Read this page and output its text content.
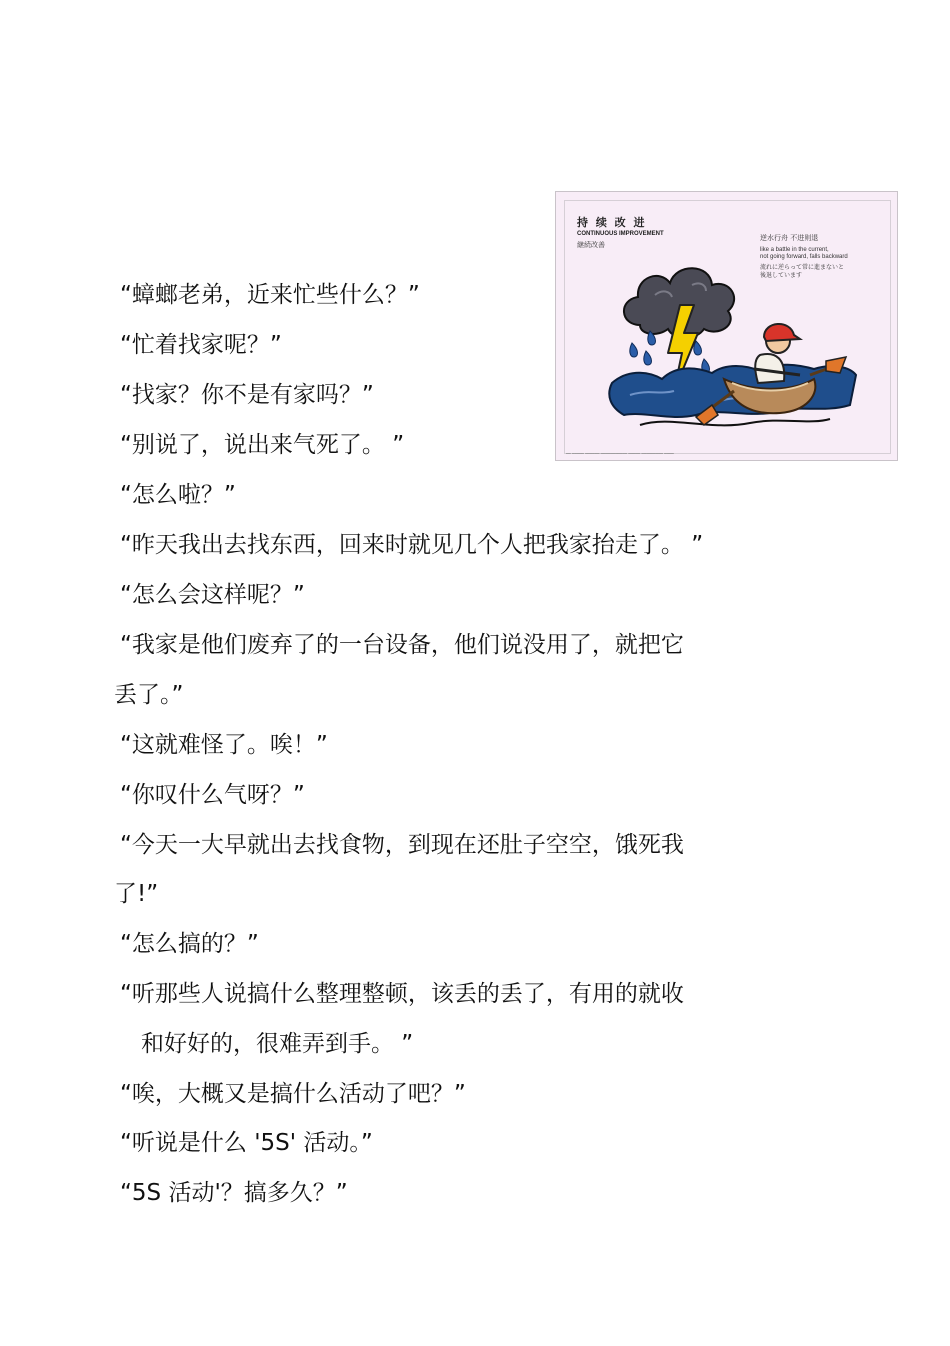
持 续 改 进
CONTINUOUS IMPROVEMENT
継続改善
逆水行舟 不进则退
like a battle in the current,
not going forward, falls backward
流れに逆らって常に進まないと
後退しています
━━ ━━━━━ ━━━━━━ ━━━━━━━━━━━ ━━━━━ ━━━━━━━━━ ━━━━
“蟑螂老弟，近来忙些什么？”
“忙着找家呢？”
“找家？你不是有家吗？”
“别说了，说出来气死了。 ”
“怎么啦？”
“昨天我出去找东西，回来时就见几个人把我家抬走了。 ”
“怎么会这样呢？”
“我家是他们废弃了的一台设备，他们说没用了，就把它
丢了。”
“这就难怪了。唉！”
“你叹什么气呀？”
“今天一大早就出去找食物，到现在还肚子空空，饿死我
了!”
“怎么搞的？”
“听那些人说搞什么整理整顿，该丢的丢了，有用的就收
和好好的，很难弄到手。 ”
“唉，大概又是搞什么活动了吧？”
“听说是什么 '5S' 活动。”
“5S 活动'？搞多久？”
